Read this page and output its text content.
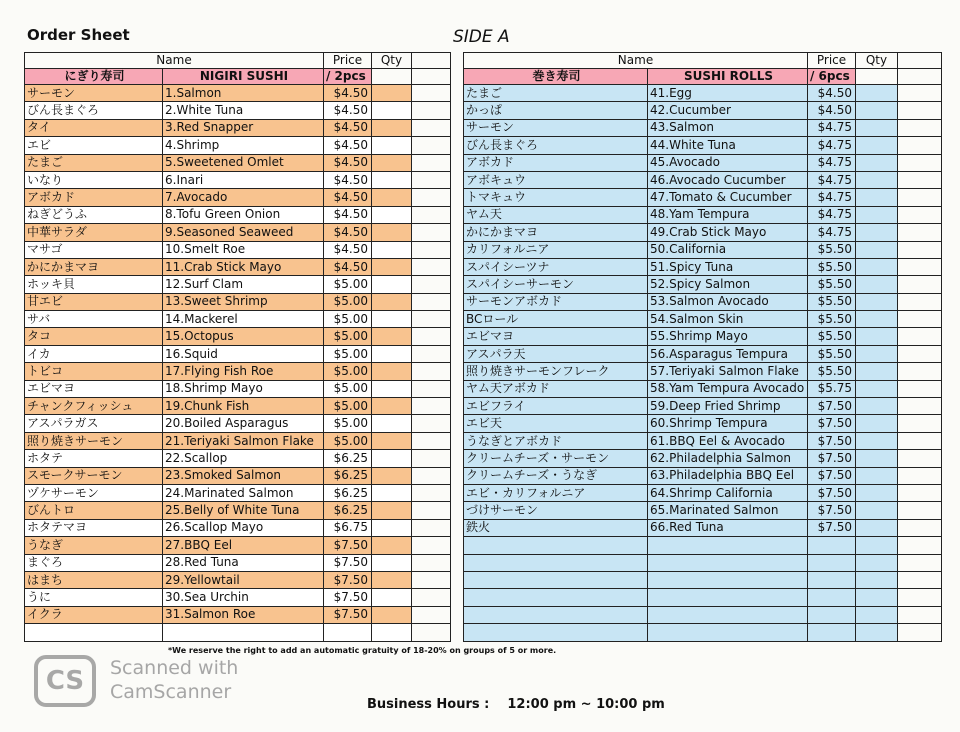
Order Sheet	SIDE A
Name		Price	Qty	
にぎり寿司	NIGIRI SUSHI	/ 2pcs		
サーモン	1.Salmon	$4.50		
びん長まぐろ	2.White Tuna	$4.50		
タイ	3.Red Snapper	$4.50		
エビ	4.Shrimp	$4.50		
たまご	5.Sweetened Omlet	$4.50		
いなり	6.Inari	$4.50		
アボカド	7.Avocado	$4.50		
ねぎどうふ	8.Tofu Green Onion	$4.50		
中華サラダ	9.Seasoned Seaweed	$4.50		
マサゴ	10.Smelt Roe	$4.50		
かにかまマヨ	11.Crab Stick Mayo	$4.50		
ホッキ貝	12.Surf Clam	$5.00		
甘エビ	13.Sweet Shrimp	$5.00		
サバ	14.Mackerel	$5.00		
タコ	15.Octopus	$5.00		
イカ	16.Squid	$5.00		
トビコ	17.Flying Fish Roe	$5.00		
エビマヨ	18.Shrimp Mayo	$5.00		
チャンクフィッシュ	19.Chunk Fish	$5.00		
アスパラガス	20.Boiled Asparagus	$5.00		
照り焼きサーモン	21.Teriyaki Salmon Flake	$5.00		
ホタテ	22.Scallop	$6.25		
スモークサーモン	23.Smoked Salmon	$6.25		
ヅケサーモン	24.Marinated Salmon	$6.25		
びんトロ	25.Belly of White Tuna	$6.25		
ホタテマヨ	26.Scallop Mayo	$6.75		
うなぎ	27.BBQ Eel	$7.50		
まぐろ	28.Red Tuna	$7.50		
はまち	29.Yellowtail	$7.50		
うに	30.Sea Urchin	$7.50		
イクラ	31.Salmon Roe	$7.50		

Name		Price	Qty	
巻き寿司	SUSHI ROLLS	/ 6pcs		
たまご	41.Egg	$4.50		
かっぱ	42.Cucumber	$4.50		
サーモン	43.Salmon	$4.75		
びん長まぐろ	44.White Tuna	$4.75		
アボカド	45.Avocado	$4.75		
アボキュウ	46.Avocado Cucumber	$4.75		
トマキュウ	47.Tomato & Cucumber	$4.75		
ヤム天	48.Yam Tempura	$4.75		
かにかまマヨ	49.Crab Stick Mayo	$4.75		
カリフォルニア	50.California	$5.50		
スパイシーツナ	51.Spicy Tuna	$5.50		
スパイシーサーモン	52.Spicy Salmon	$5.50		
サーモンアボカド	53.Salmon Avocado	$5.50		
BCロール	54.Salmon Skin	$5.50		
エビマヨ	55.Shrimp Mayo	$5.50		
アスパラ天	56.Asparagus Tempura	$5.50		
照り焼きサーモンフレーク	57.Teriyaki Salmon Flake	$5.50		
ヤム天アボカド	58.Yam Tempura Avocado	$5.75		
エビフライ	59.Deep Fried Shrimp	$7.50		
エビ天	60.Shrimp Tempura	$7.50		
うなぎとアボカド	61.BBQ Eel & Avocado	$7.50		
クリームチーズ・サーモン	62.Philadelphia Salmon	$7.50		
クリームチーズ・うなぎ	63.Philadelphia BBQ Eel	$7.50		
エビ・カリフォルニア	64.Shrimp California	$7.50		
づけサーモン	65.Marinated Salmon	$7.50		
鉄火	66.Red Tuna	$7.50		

*We reserve the right to add an automatic gratuity of 18-20% on groups of 5 or more.
CS	Scanned with
CamScanner
Business Hours : 12:00 pm ~ 10:00 pm
